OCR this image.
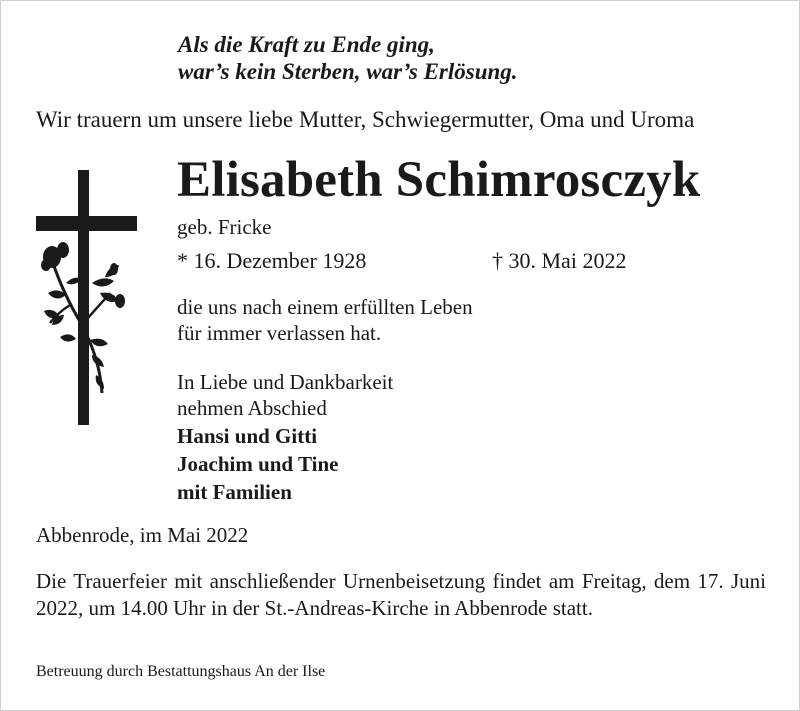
Als die Kraft zu Ende ging,
war’s kein Sterben, war’s Erlösung.
Wir trauern um unsere liebe Mutter, Schwiegermutter, Oma und Uroma
Elisabeth Schimrosczyk
geb. Fricke
* 16. Dezember 1928	† 30. Mai 2022
die uns nach einem erfüllten Leben
für immer verlassen hat.
In Liebe und Dankbarkeit
nehmen Abschied
Hansi und Gitti
Joachim und Tine
mit Familien
Abbenrode, im Mai 2022
Die Trauerfeier mit anschließender Urnenbeisetzung findet am Freitag, dem 17. Juni 2022, um 14.00 Uhr in der St.-Andreas-Kirche in Abbenrode statt.
Betreuung durch Bestattungshaus An der Ilse
